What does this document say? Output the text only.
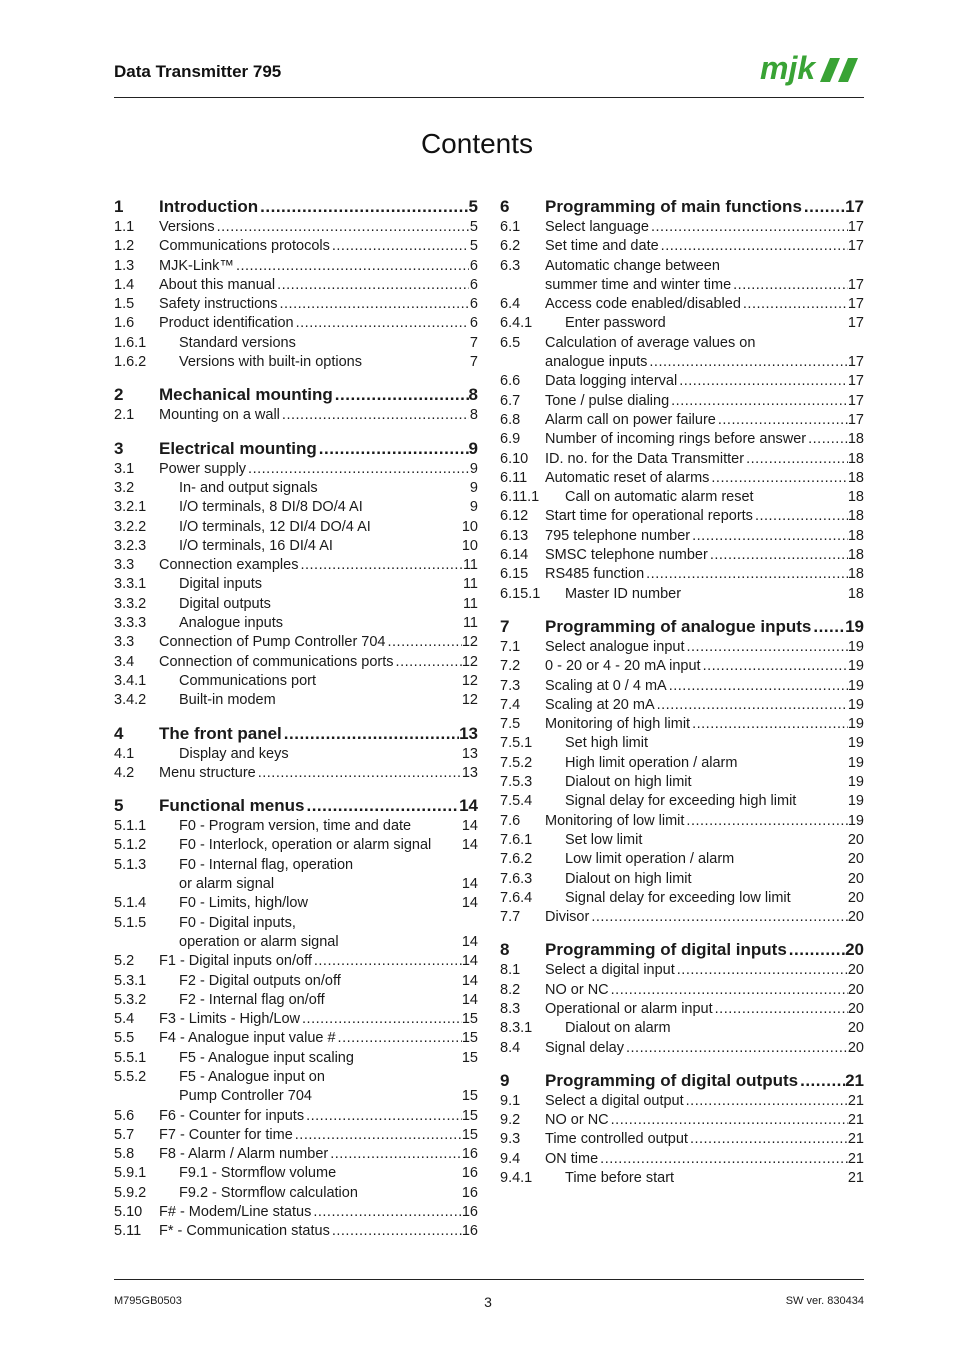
Data Transmitter 795	mjk
Contents
1	Introduction .....	5
1.1	Versions .....	5
1.2	Communications protocols .....	5
1.3	MJK-Link™ .....	6
1.4	About this manual .....	6
1.5	Safety instructions .....	6
1.6	Product identification .....	6
1.6.1	Standard versions	7
1.6.2	Versions with built-in options	7
2	Mechanical mounting .....	8
2.1	Mounting on a wall .....	8
3	Electrical mounting .....	9
3.1	Power supply .....	9
3.2	In- and output signals	9
3.2.1	I/O terminals, 8 DI/8 DO/4 AI	9
3.2.2	I/O terminals, 12 DI/4 DO/4 AI	10
3.2.3	I/O terminals, 16 DI/4 AI	10
3.3	Connection examples .....	11
3.3.1	Digital inputs	11
3.3.2	Digital outputs	11
3.3.3	Analogue inputs	11
3.3	Connection of Pump Controller 704 .....	12
3.4	Connection of communications ports .....	12
3.4.1	Communications port	12
3.4.2	Built-in modem	12
4	The front panel .....	13
4.1	Display and keys	13
4.2	Menu structure .....	13
5	Functional menus .....	14
5.1.1	F0 - Program version, time and date	14
5.1.2	F0 - Interlock, operation or alarm signal 14
5.1.3	F0 - Internal flag, operation
or alarm signal	14
5.1.4	F0 - Limits, high/low	14
5.1.5	F0 - Digital inputs,
operation or alarm signal	14
5.2	F1 - Digital inputs on/off .....	14
5.3.1	F2 - Digital outputs on/off	14
5.3.2	F2 - Internal flag on/off	14
5.4	F3 - Limits - High/Low .....	15
5.5	F4 - Analogue input value # .....	15
5.5.1	F5 - Analogue input scaling	15
5.5.2	F5 - Analogue input on
Pump Controller 704	15
5.6	F6 - Counter for inputs .....	15
5.7	F7 - Counter for time .....	15
5.8	F8 - Alarm / Alarm number .....	16
5.9.1	F9.1 - Stormflow volume	16
5.9.2	F9.2 - Stormflow calculation	16
5.10	F# - Modem/Line status .....	16
5.11	F* - Communication status .....	16
6	Programming of main functions .....	17
6.1	Select language .....	17
6.2	Set time and date .....	17
6.3	Automatic change between
summer time and winter time .....	17
6.4	Access code enabled/disabled .....	17
6.4.1	Enter password	17
6.5	Calculation of average values on
analogue inputs .....	17
6.6	Data logging interval .....	17
6.7	Tone / pulse dialing .....	17
6.8	Alarm call on power failure .....	17
6.9	Number of incoming rings before answer .....	18
6.10	ID. no. for the Data Transmitter .....	18
6.11	Automatic reset of alarms .....	18
6.11.1	Call on automatic alarm reset	18
6.12	Start time for operational reports .....	18
6.13	795 telephone number .....	18
6.14	SMSC telephone number .....	18
6.15	RS485 function .....	18
6.15.1	Master ID number	18
7	Programming of analogue inputs ..... 19
7.1	Select analogue input .....	19
7.2	0 - 20 or 4 - 20 mA input .....	19
7.3	Scaling at 0 / 4 mA .....	19
7.4	Scaling at 20 mA .....	19
7.5	Monitoring of high limit .....	19
7.5.1	Set high limit	19
7.5.2	High limit operation / alarm	19
7.5.3	Dialout on high limit	19
7.5.4	Signal delay for exceeding high limit	19
7.6	Monitoring of low limit .....	19
7.6.1	Set low limit	20
7.6.2	Low limit operation / alarm	20
7.6.3	Dialout on high limit	20
7.6.4	Signal delay for exceeding low limit	20
7.7	Divisor .....	20
8	Programming of digital inputs .....	20
8.1	Select a digital input .....	20
8.2	NO or NC .....	20
8.3	Operational or alarm input .....	20
8.3.1	Dialout on alarm	20
8.4	Signal delay .....	20
9	Programming of digital outputs .....	21
9.1	Select a digital output .....	21
9.2	NO or NC .....	21
9.3	Time controlled output .....	21
9.4	ON time .....	21
9.4.1	Time before start	21
M795GB0503	3	SW ver. 830434
